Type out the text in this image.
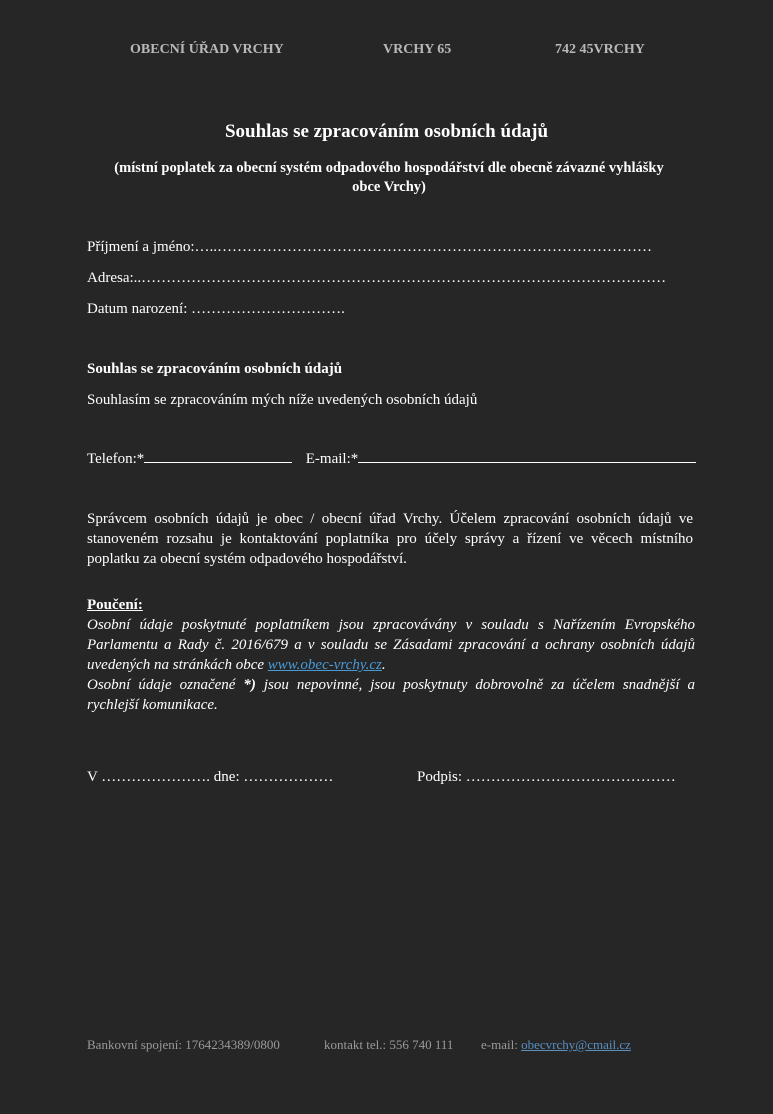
OBECNÍ ÚŘAD VRCHY	VRCHY 65	742 45VRCHY
Souhlas se zpracováním osobních údajů
(místní poplatek za obecní systém odpadového hospodářství dle obecně závazné vyhlášky obce Vrchy)
Příjmení a jméno:…..……………………………………………………………………………
Adresa:..……………………………………………………………………………………………
Datum narození: ………………………….
Souhlas se zpracováním osobních údajů
Souhlasím se zpracováním mých níže uvedených osobních údajů
Telefon:*	E-mail:*
Správcem osobních údajů je obec / obecní úřad Vrchy. Účelem zpracování osobních údajů ve stanoveném rozsahu je kontaktování poplatníka pro účely správy a řízení ve věcech místního poplatku za obecní systém odpadového hospodářství.
Poučení:
Osobní údaje poskytnuté poplatníkem jsou zpracovávány v souladu s Nařízením Evropského Parlamentu a Rady č. 2016/679 a v souladu se Zásadami zpracování a ochrany osobních údajů uvedených na stránkách obce www.obec-vrchy.cz.
Osobní údaje označené *) jsou nepovinné, jsou poskytnuty dobrovolně za účelem snadnější a rychlejší komunikace.
V …………………. dne: ………………	Podpis: ……………………………………
Bankovní spojení: 1764234389/0800	kontakt tel.: 556 740 111 e-mail: obecvrchy@cmail.cz
